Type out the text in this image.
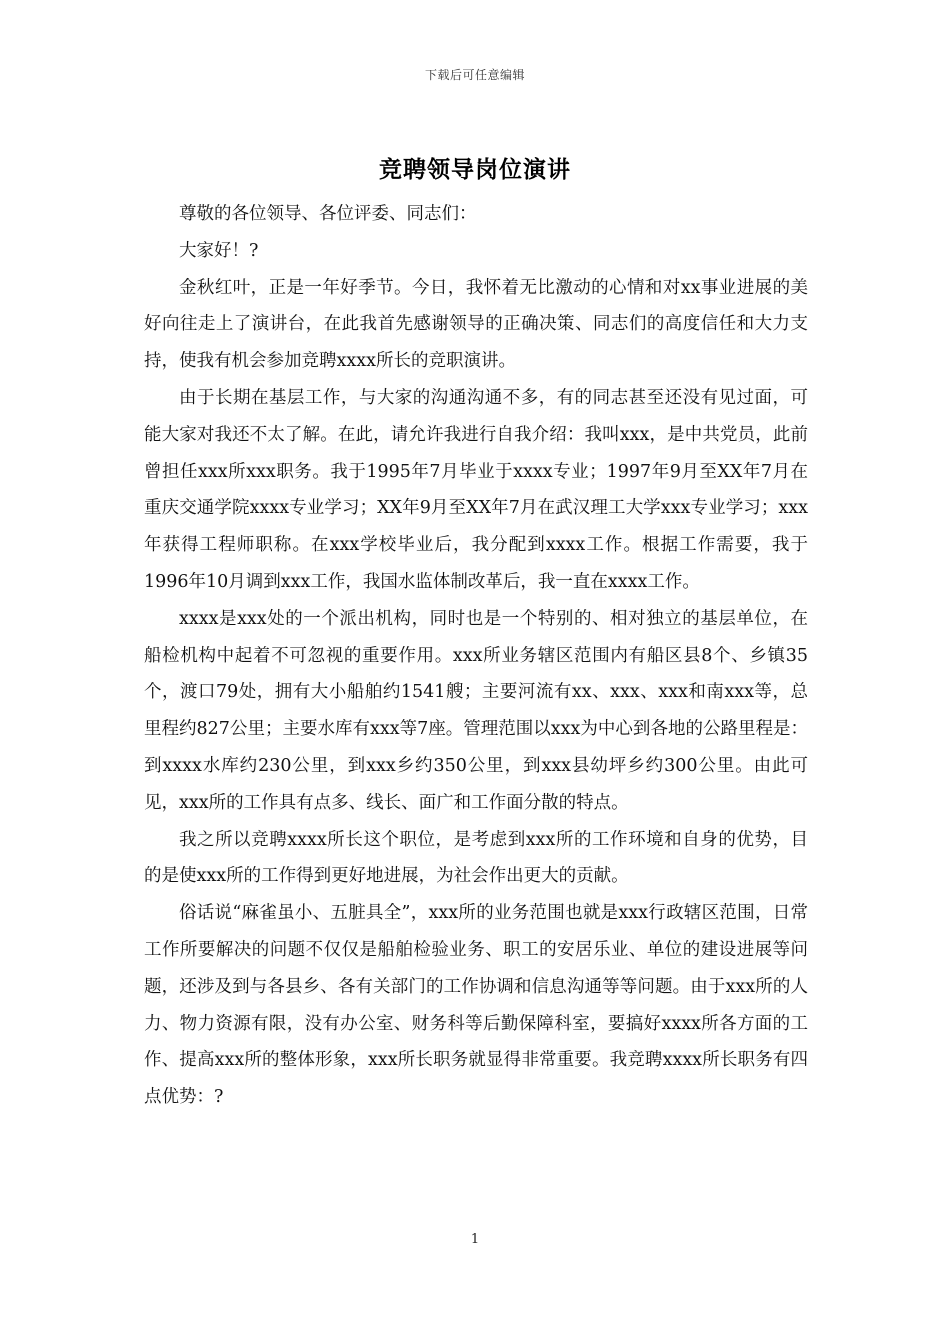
下载后可任意编辑
竞聘领导岗位演讲

尊敬的各位领导、各位评委、同志们：

大家好！?

金秋红叶，正是一年好季节。今日，我怀着无比激动的心情和对xx事业进展的美好向往走上了演讲台，在此我首先感谢领导的正确决策、同志们的高度信任和大力支持，使我有机会参加竞聘xxxx所长的竞职演讲。

由于长期在基层工作，与大家的沟通沟通不多，有的同志甚至还没有见过面，可能大家对我还不太了解。在此，请允许我进行自我介绍：我叫xxx，是中共党员，此前曾担任xxx所xxx职务。我于1995年7月毕业于xxxx专业；1997年9月至XX年7月在重庆交通学院xxxx专业学习；XX年9月至XX年7月在武汉理工大学xxx专业学习；xxx年获得工程师职称。在xxx学校毕业后，我分配到xxxx工作。根据工作需要，我于1996年10月调到xxx工作，我国水监体制改革后，我一直在xxxx工作。

xxxx是xxx处的一个派出机构，同时也是一个特别的、相对独立的基层单位，在船检机构中起着不可忽视的重要作用。xxx所业务辖区范围内有船区县8个、乡镇35个，渡口79处，拥有大小船舶约1541艘；主要河流有xx、xxx、xxx和南xxx等，总里程约827公里；主要水库有xxx等7座。管理范围以xxx为中心到各地的公路里程是：到xxxx水库约230公里，到xxx乡约350公里，到xxx县幼坪乡约300公里。由此可见，xxx所的工作具有点多、线长、面广和工作面分散的特点。

我之所以竞聘xxxx所长这个职位，是考虑到xxx所的工作环境和自身的优势，目的是使xxx所的工作得到更好地进展，为社会作出更大的贡献。

俗话说“麻雀虽小、五脏具全”，xxx所的业务范围也就是xxx行政辖区范围，日常工作所要解决的问题不仅仅是船舶检验业务、职工的安居乐业、单位的建设进展等问题，还涉及到与各县乡、各有关部门的工作协调和信息沟通等等问题。由于xxx所的人力、物力资源有限，没有办公室、财务科等后勤保障科室，要搞好xxxx所各方面的工作、提高xxx所的整体形象，xxx所长职务就显得非常重要。我竞聘xxxx所长职务有四点优势：?

1
